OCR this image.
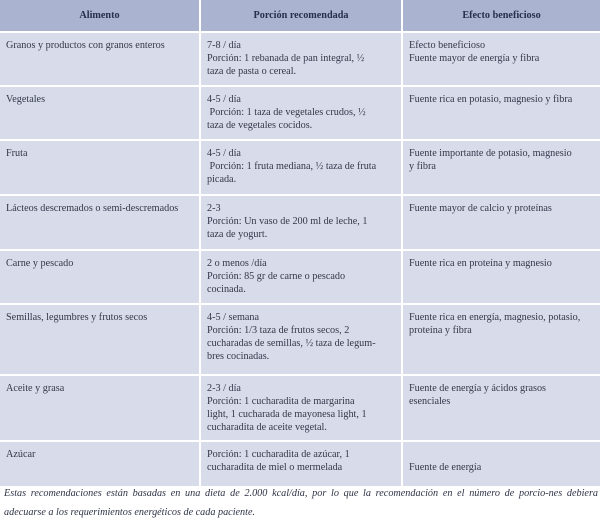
Alimento	Porción recomendada	Efecto beneficioso
Granos y productos con granos enteros	7-8 / día
Porción: 1 rebanada de pan integral, ½
taza de pasta o cereal.	Efecto beneficioso
Fuente mayor de energía y fibra

Vegetales	4-5 / día
Porción: 1 taza de vegetales crudos, ½
taza de vegetales cocidos.	Fuente rica en potasio, magnesio y fibra

Fruta	4-5 / día
Porción: 1 fruta mediana, ½ taza de fruta
picada.	Fuente importante de potasio, magnesio
y fibra

Lácteos descremados o semi-descremados	2-3
Porción: Un vaso de 200 ml de leche, 1
taza de yogurt.	Fuente mayor de calcio y proteínas

Carne y pescado	2 o menos /día
Porción: 85 gr de carne o pescado
cocinada.	Fuente rica en proteína y magnesio

Semillas, legumbres y frutos secos	4-5 / semana
Porción: 1/3 taza de frutos secos, 2
cucharadas de semillas, ½ taza de legum-
bres cocinadas.	Fuente rica en energía, magnesio, potasio,
proteína y fibra

Aceite y grasa	2-3 / día
Porción: 1 cucharadita de margarina
light, 1 cucharada de mayonesa light, 1
cucharadita de aceite vegetal.	Fuente de energía y ácidos grasos
esenciales

Azúcar	Porción: 1 cucharadita de azúcar, 1
cucharadita de miel o mermelada	Fuente de energía
Estas recomendaciones están basadas en una dieta de 2.000 kcal/día, por lo que la recomendación en el número de porcio-nes debiera adecuarse a los requerimientos energéticos de cada paciente.
